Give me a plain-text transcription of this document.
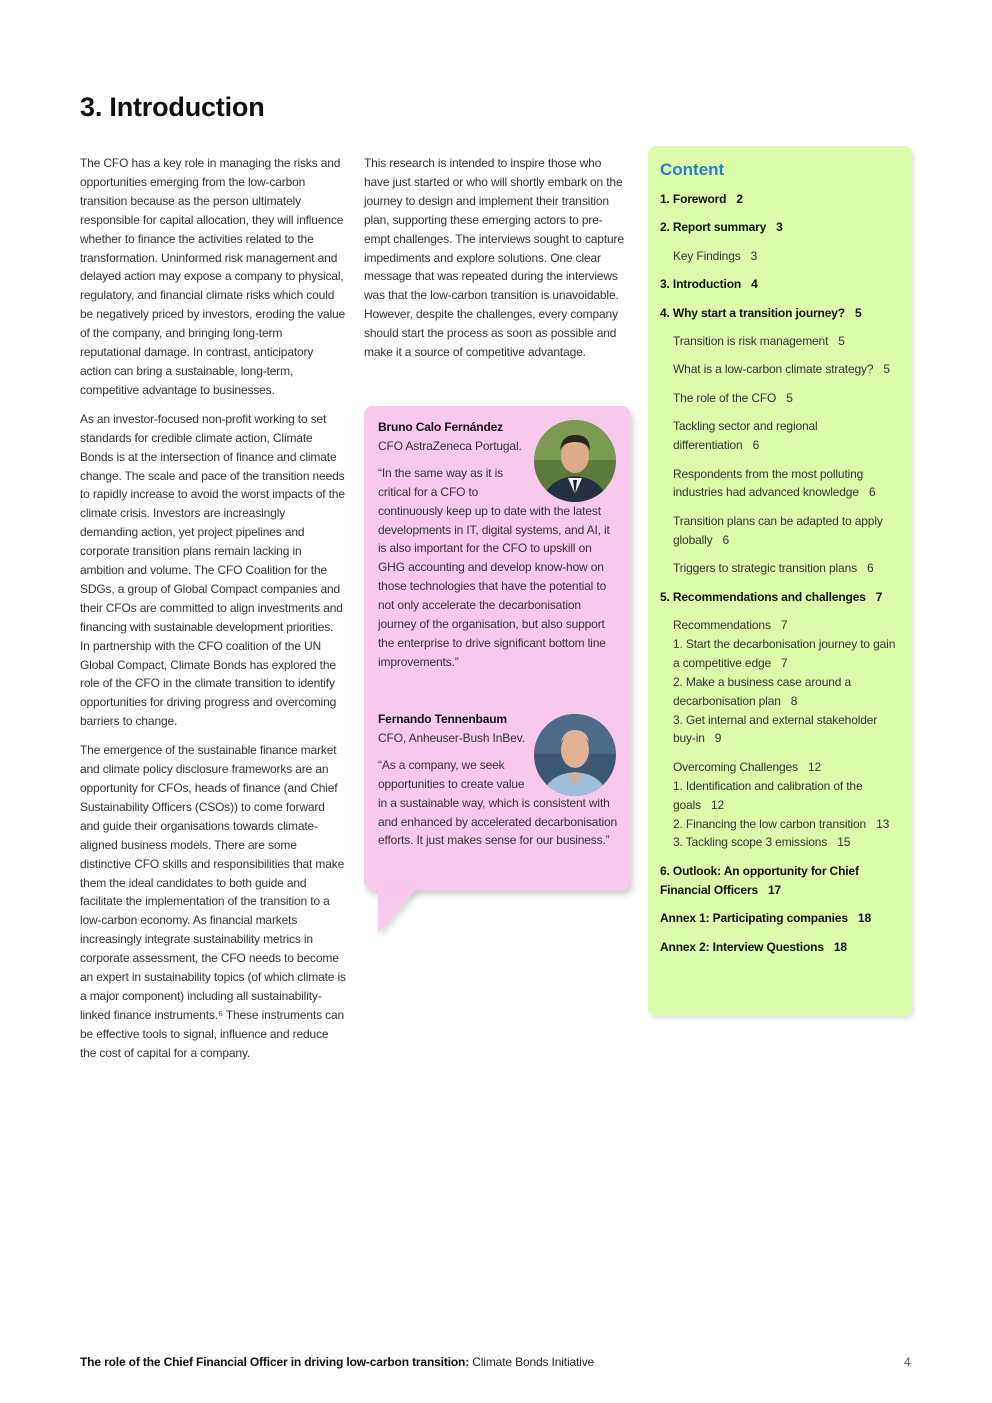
3. Introduction

The CFO has a key role in managing the risks and opportunities emerging from the low-carbon transition because as the person ultimately responsible for capital allocation, they will influence whether to finance the activities related to the transformation. Uninformed risk management and delayed action may expose a company to physical, regulatory, and financial climate risks which could be negatively priced by investors, eroding the value of the company, and bringing long-term reputational damage. In contrast, anticipatory action can bring a sustainable, long-term, competitive advantage to businesses.

As an investor-focused non-profit working to set standards for credible climate action, Climate Bonds is at the intersection of finance and climate change. The scale and pace of the transition needs to rapidly increase to avoid the worst impacts of the climate crisis. Investors are increasingly demanding action, yet project pipelines and corporate transition plans remain lacking in ambition and volume. The CFO Coalition for the SDGs, a group of Global Compact companies and their CFOs are committed to align investments and financing with sustainable development priorities. In partnership with the CFO coalition of the UN Global Compact, Climate Bonds has explored the role of the CFO in the climate transition to identify opportunities for driving progress and overcoming barriers to change.

The emergence of the sustainable finance market and climate policy disclosure frameworks are an opportunity for CFOs, heads of finance (and Chief Sustainability Officers (CSOs)) to come forward and guide their organisations towards climate-aligned business models. There are some distinctive CFO skills and responsibilities that make them the ideal candidates to both guide and facilitate the implementation of the transition to a low-carbon economy. As financial markets increasingly integrate sustainability metrics in corporate assessment, the CFO needs to become an expert in sustainability topics (of which climate is a major component) including all sustainability-linked finance instruments.⁶ These instruments can be effective tools to signal, influence and reduce the cost of capital for a company.

This research is intended to inspire those who have just started or who will shortly embark on the journey to design and implement their transition plan, supporting these emerging actors to pre-empt challenges. The interviews sought to capture impediments and explore solutions. One clear message that was repeated during the interviews was that the low-carbon transition is unavoidable. However, despite the challenges, every company should start the process as soon as possible and make it a source of competitive advantage.

Bruno Calo Fernández
CFO AstraZeneca Portugal.
“In the same way as it is critical for a CFO to continuously keep up to date with the latest developments in IT, digital systems, and AI, it is also important for the CFO to upskill on GHG accounting and develop know-how on those technologies that have the potential to not only accelerate the decarbonisation journey of the organisation, but also support the enterprise to drive significant bottom line improvements.”
Fernando Tennenbaum
CFO, Anheuser-Bush InBev.
“As a company, we seek opportunities to create value in a sustainable way, which is consistent with and enhanced by accelerated decarbonisation efforts. It just makes sense for our business.”
Content
1. Foreword 2
2. Report summary 3
Key Findings 3
3. Introduction 4
4. Why start a transition journey? 5
Transition is risk management 5
What is a low-carbon climate strategy? 5
The role of the CFO 5
Tackling sector and regional differentiation 6
Respondents from the most polluting industries had advanced knowledge 6
Transition plans can be adapted to apply globally 6
Triggers to strategic transition plans 6
5. Recommendations and challenges 7
Recommendations 7
1. Start the decarbonisation journey to gain a competitive edge 7
2. Make a business case around a decarbonisation plan 8
3. Get internal and external stakeholder buy-in 9
Overcoming Challenges 12
1. Identification and calibration of the goals 12
2. Financing the low carbon transition 13
3. Tackling scope 3 emissions 15
6. Outlook: An opportunity for Chief Financial Officers 17
Annex 1: Participating companies 18
Annex 2: Interview Questions 18
The role of the Chief Financial Officer in driving low-carbon transition: Climate Bonds Initiative	4
